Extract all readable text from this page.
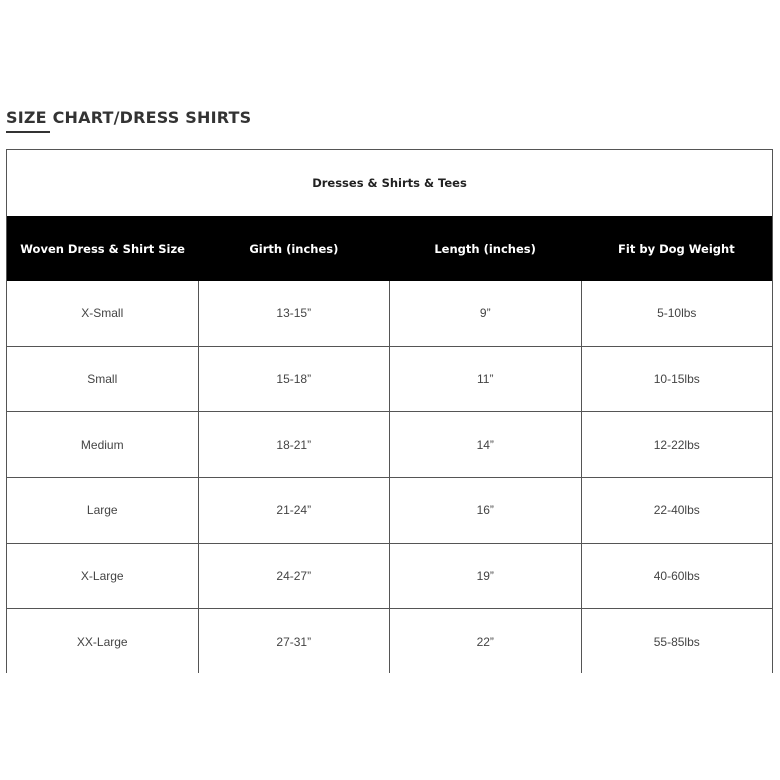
SIZE CHART/DRESS SHIRTS
Dresses & Shirts & Tees
Woven Dress & Shirt Size	Girth (inches)	Length (inches)	Fit by Dog Weight
X-Small	13-15”	9”	5-10lbs
Small	15-18”	11”	10-15lbs
Medium	18-21”	14”	12-22lbs
Large	21-24”	16”	22-40lbs
X-Large	24-27”	19”	40-60lbs
XX-Large	27-31”	22”	55-85lbs
